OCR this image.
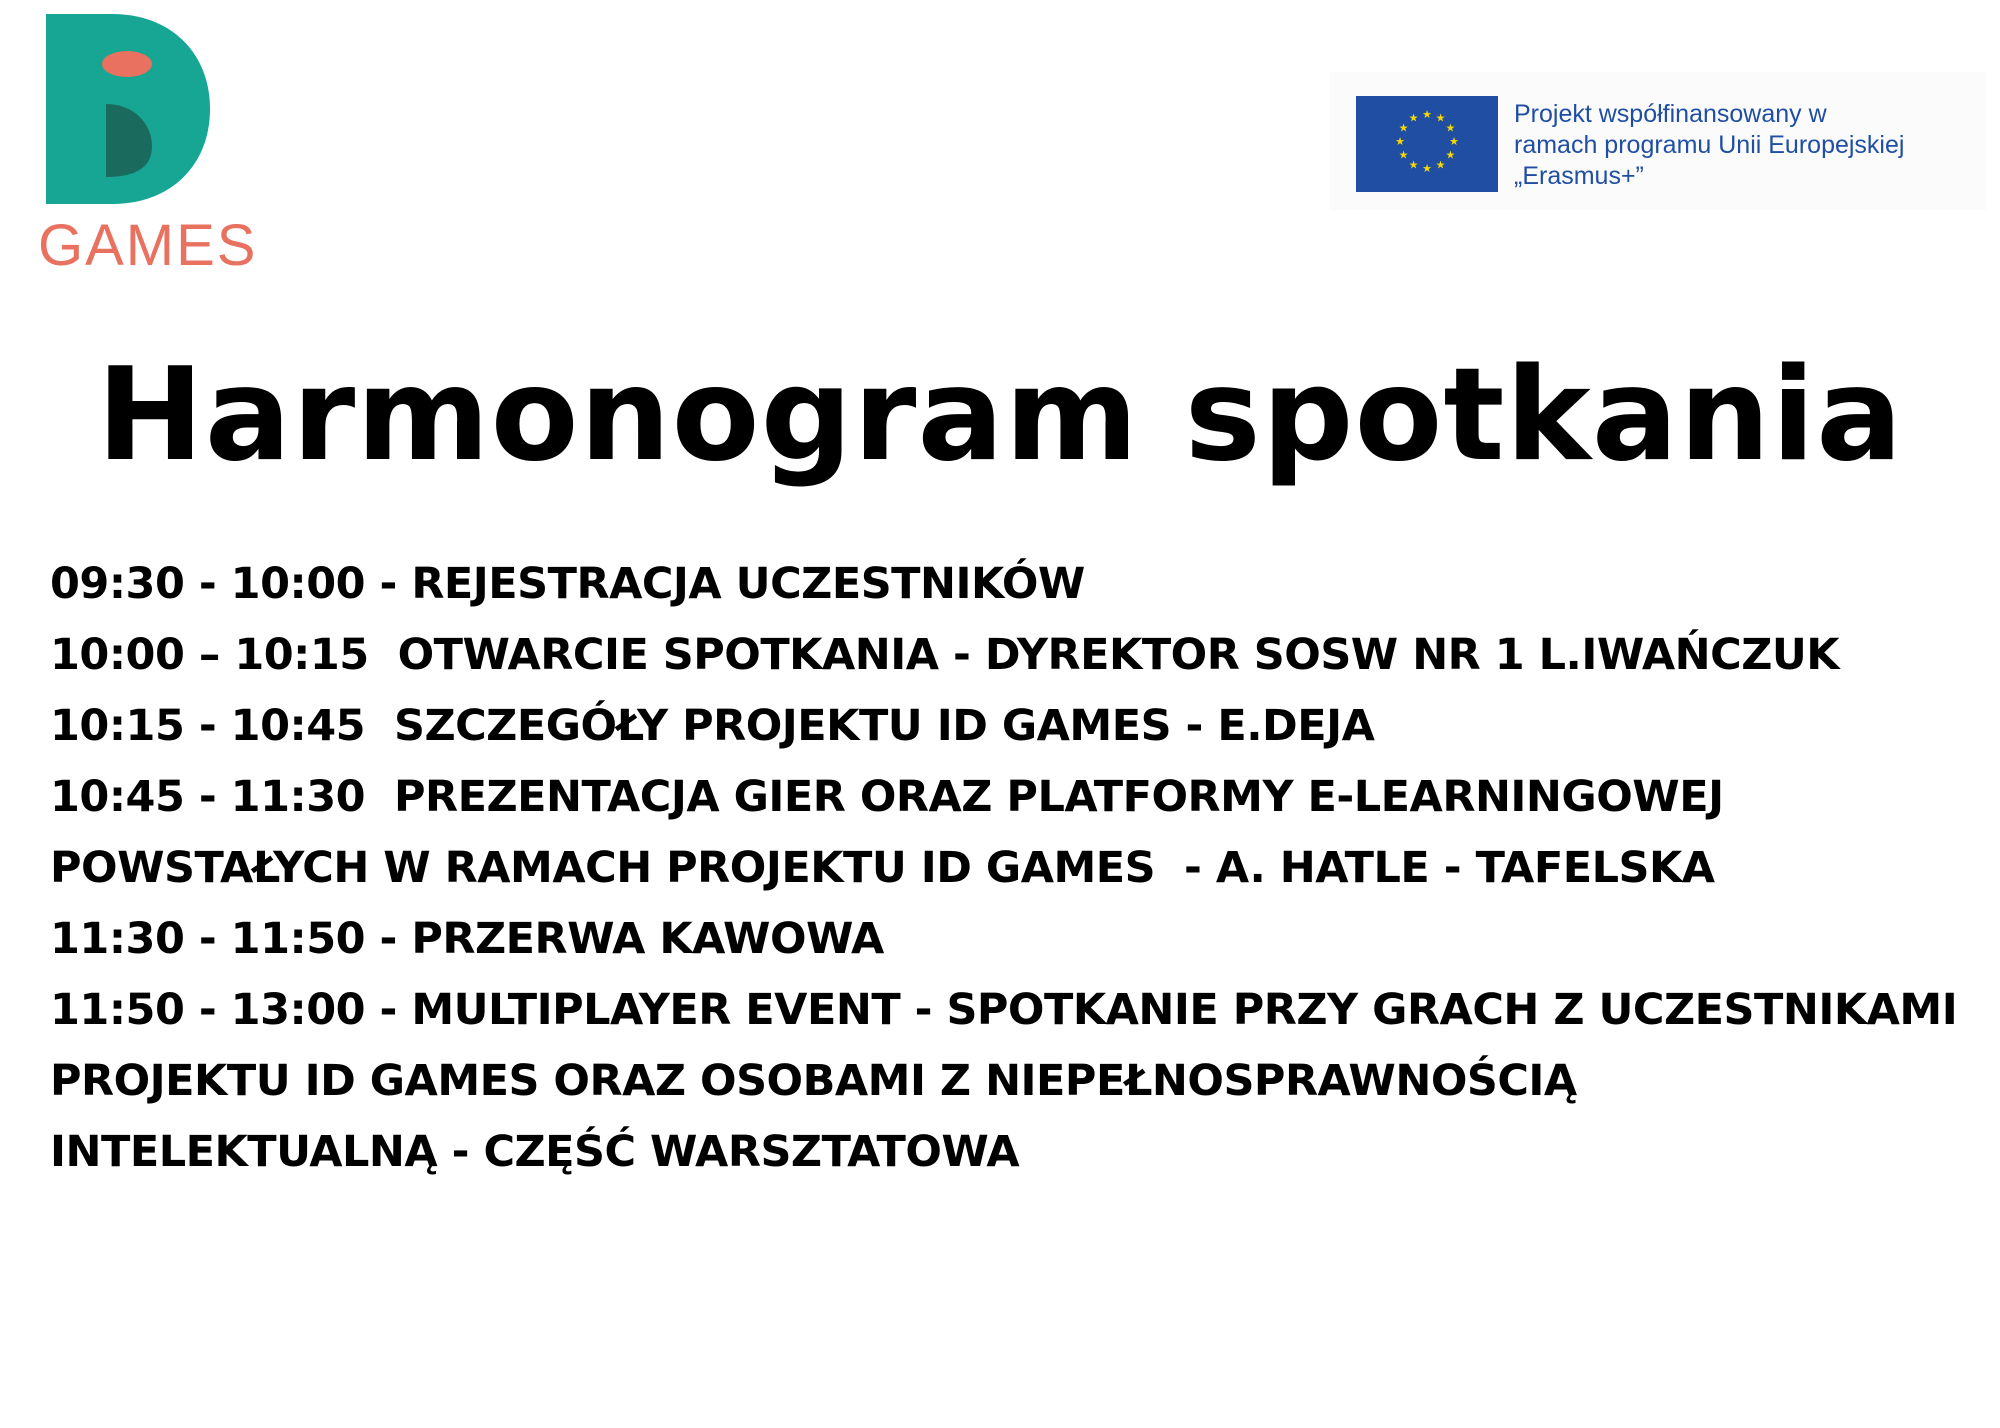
GAMES
★ ★
★
★
★
★
★
★
★
★
★
★	Projekt współfinansowany w
ramach programu Unii Europejskiej
„Erasmus+”
Harmonogram spotkania
09:30 - 10:00 - REJESTRACJA UCZESTNIKÓW
10:00 – 10:15  OTWARCIE SPOTKANIA - DYREKTOR SOSW NR 1 L.IWAŃCZUK
10:15 - 10:45  SZCZEGÓŁY PROJEKTU ID GAMES - E.DEJA
10:45 - 11:30  PREZENTACJA GIER ORAZ PLATFORMY E-LEARNINGOWEJ
POWSTAŁYCH W RAMACH PROJEKTU ID GAMES  - A. HATLE - TAFELSKA
11:30 - 11:50 - PRZERWA KAWOWA
11:50 - 13:00 - MULTIPLAYER EVENT - SPOTKANIE PRZY GRACH Z UCZESTNIKAMI
PROJEKTU ID GAMES ORAZ OSOBAMI Z NIEPEŁNOSPRAWNOŚCIĄ
INTELEKTUALNĄ - CZĘŚĆ WARSZTATOWA
